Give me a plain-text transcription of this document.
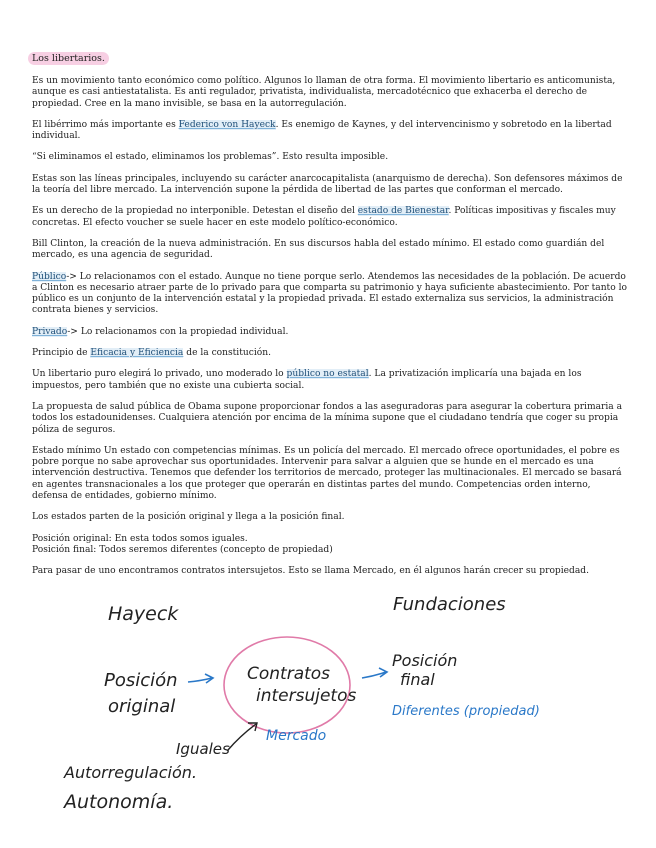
Los libertarios.

Es un movimiento tanto económico como político. Algunos lo llaman de otra forma. El movimiento libertario es anticomunista, aunque es casi antiestatalista. Es anti regulador, privatista, individualista, mercadotécnico que exhacerba el derecho de propiedad. Cree en la mano invisible, se basa en la autorregulación.

El libérrimo más importante es Federico von Hayeck. Es enemigo de Kaynes, y del intervencinismo y sobretodo en la libertad individual.

“Si eliminamos el estado, eliminamos los problemas”. Esto resulta imposible.

Estas son las líneas principales, incluyendo su carácter anarcocapitalista (anarquismo de derecha). Son defensores máximos de la teoría del libre mercado. La intervención supone la pérdida de libertad de las partes que conforman el mercado.

Es un derecho de la propiedad no interponible. Detestan el diseño del estado de Bienestar. Políticas impositivas y fiscales muy concretas. El efecto voucher se suele hacer en este modelo político-económico.

Bill Clinton, la creación de la nueva administración. En sus discursos habla del estado mínimo. El estado como guardián del mercado, es una agencia de seguridad.

Público-> Lo relacionamos con el estado. Aunque no tiene porque serlo. Atendemos las necesidades de la población. De acuerdo a Clinton es necesario atraer parte de lo privado para que comparta su patrimonio y haya suficiente abastecimiento. Por tanto lo público es un conjunto de la intervención estatal y la propiedad privada. El estado externaliza sus servicios, la administración contrata bienes y servicios.

Privado-> Lo relacionamos con la propiedad individual.

Principio de Eficacia y Eficiencia de la constitución.

Un libertario puro elegirá lo privado, uno moderado lo público no estatal. La privatización implicaría una bajada en los impuestos, pero también que no existe una cubierta social.

La propuesta de salud pública de Obama supone proporcionar fondos a las aseguradoras para asegurar la cobertura primaria a todos los estadounidenses. Cualquiera atención por encima de la mínima supone que el ciudadano tendría que coger su propia póliza de seguros.

Estado mínimo Un estado con competencias mínimas. Es un policía del mercado. El mercado ofrece oportunidades, el pobre es pobre porque no sabe aprovechar sus oportunidades. Intervenir para salvar a alguien que se hunde en el mercado es una intervención destructiva. Tenemos que defender los territorios de mercado, proteger las multinacionales. El mercado se basará en agentes transnacionales a los que proteger que operarán en distintas partes del mundo. Competencias orden interno, defensa de entidades, gobierno mínimo.

Los estados parten de la posición original y llega a la posición final.

Posición original: En esta todos somos iguales.

Posición final: Todos seremos diferentes (concepto de propiedad)

Para pasar de uno encontramos contratos intersujetos. Esto se llama Mercado, en él algunos harán crecer su propiedad.

Hayeck	Fundaciones
Posición
original
Contratos
intersujetos
Posición
final
Diferentes (propiedad)
Iguales
Mercado
Autorregulación.
Autonomía.
